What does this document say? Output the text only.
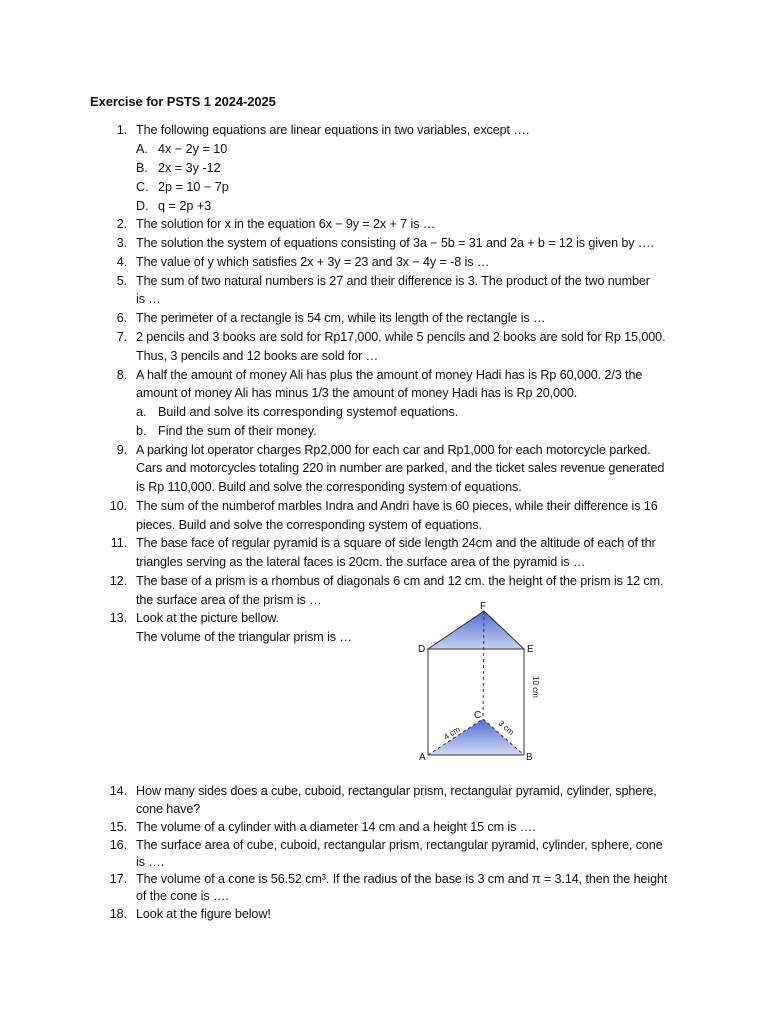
Exercise for PSTS 1 2024-2025
1. The following equations are linear equations in two variables, except ….
A. 4x − 2y = 10
B. 2x = 3y -12
C. 2p = 10 − 7p
D. q = 2p +3
2. The solution for x in the equation 6x − 9y = 2x + 7 is …
3. The solution the system of equations consisting of 3a − 5b = 31 and 2a + b = 12 is given by ….
4. The value of y which satisfies 2x + 3y = 23 and 3x − 4y = -8 is …
5. The sum of two natural numbers is 27 and their difference is 3. The product of the two number
is …
6. The perimeter of a rectangle is 54 cm, while its length of the rectangle is …
7. 2 pencils and 3 books are sold for Rp17,000, while 5 pencils and 2 books are sold for Rp 15,000.
Thus, 3 pencils and 12 books are sold for …
8. A half the amount of money Ali has plus the amount of money Hadi has is Rp 60,000. 2/3 the
amount of money Ali has minus 1/3 the amount of money Hadi has is Rp 20,000.
a. Build and solve its corresponding systemof equations.
b. Find the sum of their money.
9. A parking lot operator charges Rp2,000 for each car and Rp1,000 for each motorcycle parked.
Cars and motorcycles totaling 220 in number are parked, and the ticket sales revenue generated
is Rp 110,000. Build and solve the corresponding system of equations.
10. The sum of the numberof marbles Indra and Andri have is 60 pieces, while their difference is 16
pieces. Build and solve the corresponding system of equations.
11. The base face of regular pyramid is a square of side length 24cm and the altitude of each of thr
triangles serving as the lateral faces is 20cm. the surface area of the pyramid is …
12. The base of a prism is a rhombus of diagonals 6 cm and 12 cm. the height of the prism is 12 cm.
the surface area of the prism is …
13. Look at the picture bellow.
The volume of the triangular prism is …
F
D	E
C
A	B
4 cm	3 cm
10 cm
14. How many sides does a cube, cuboid, rectangular prism, rectangular pyramid, cylinder, sphere,
cone have?
15. The volume of a cylinder with a diameter 14 cm and a height 15 cm is ….
16. The surface area of cube, cuboid, rectangular prism, rectangular pyramid, cylinder, sphere, cone
is ….
17. The volume of a cone is 56.52 cm³. If the radius of the base is 3 cm and π = 3.14, then the height
of the cone is ….
18. Look at the figure below!
